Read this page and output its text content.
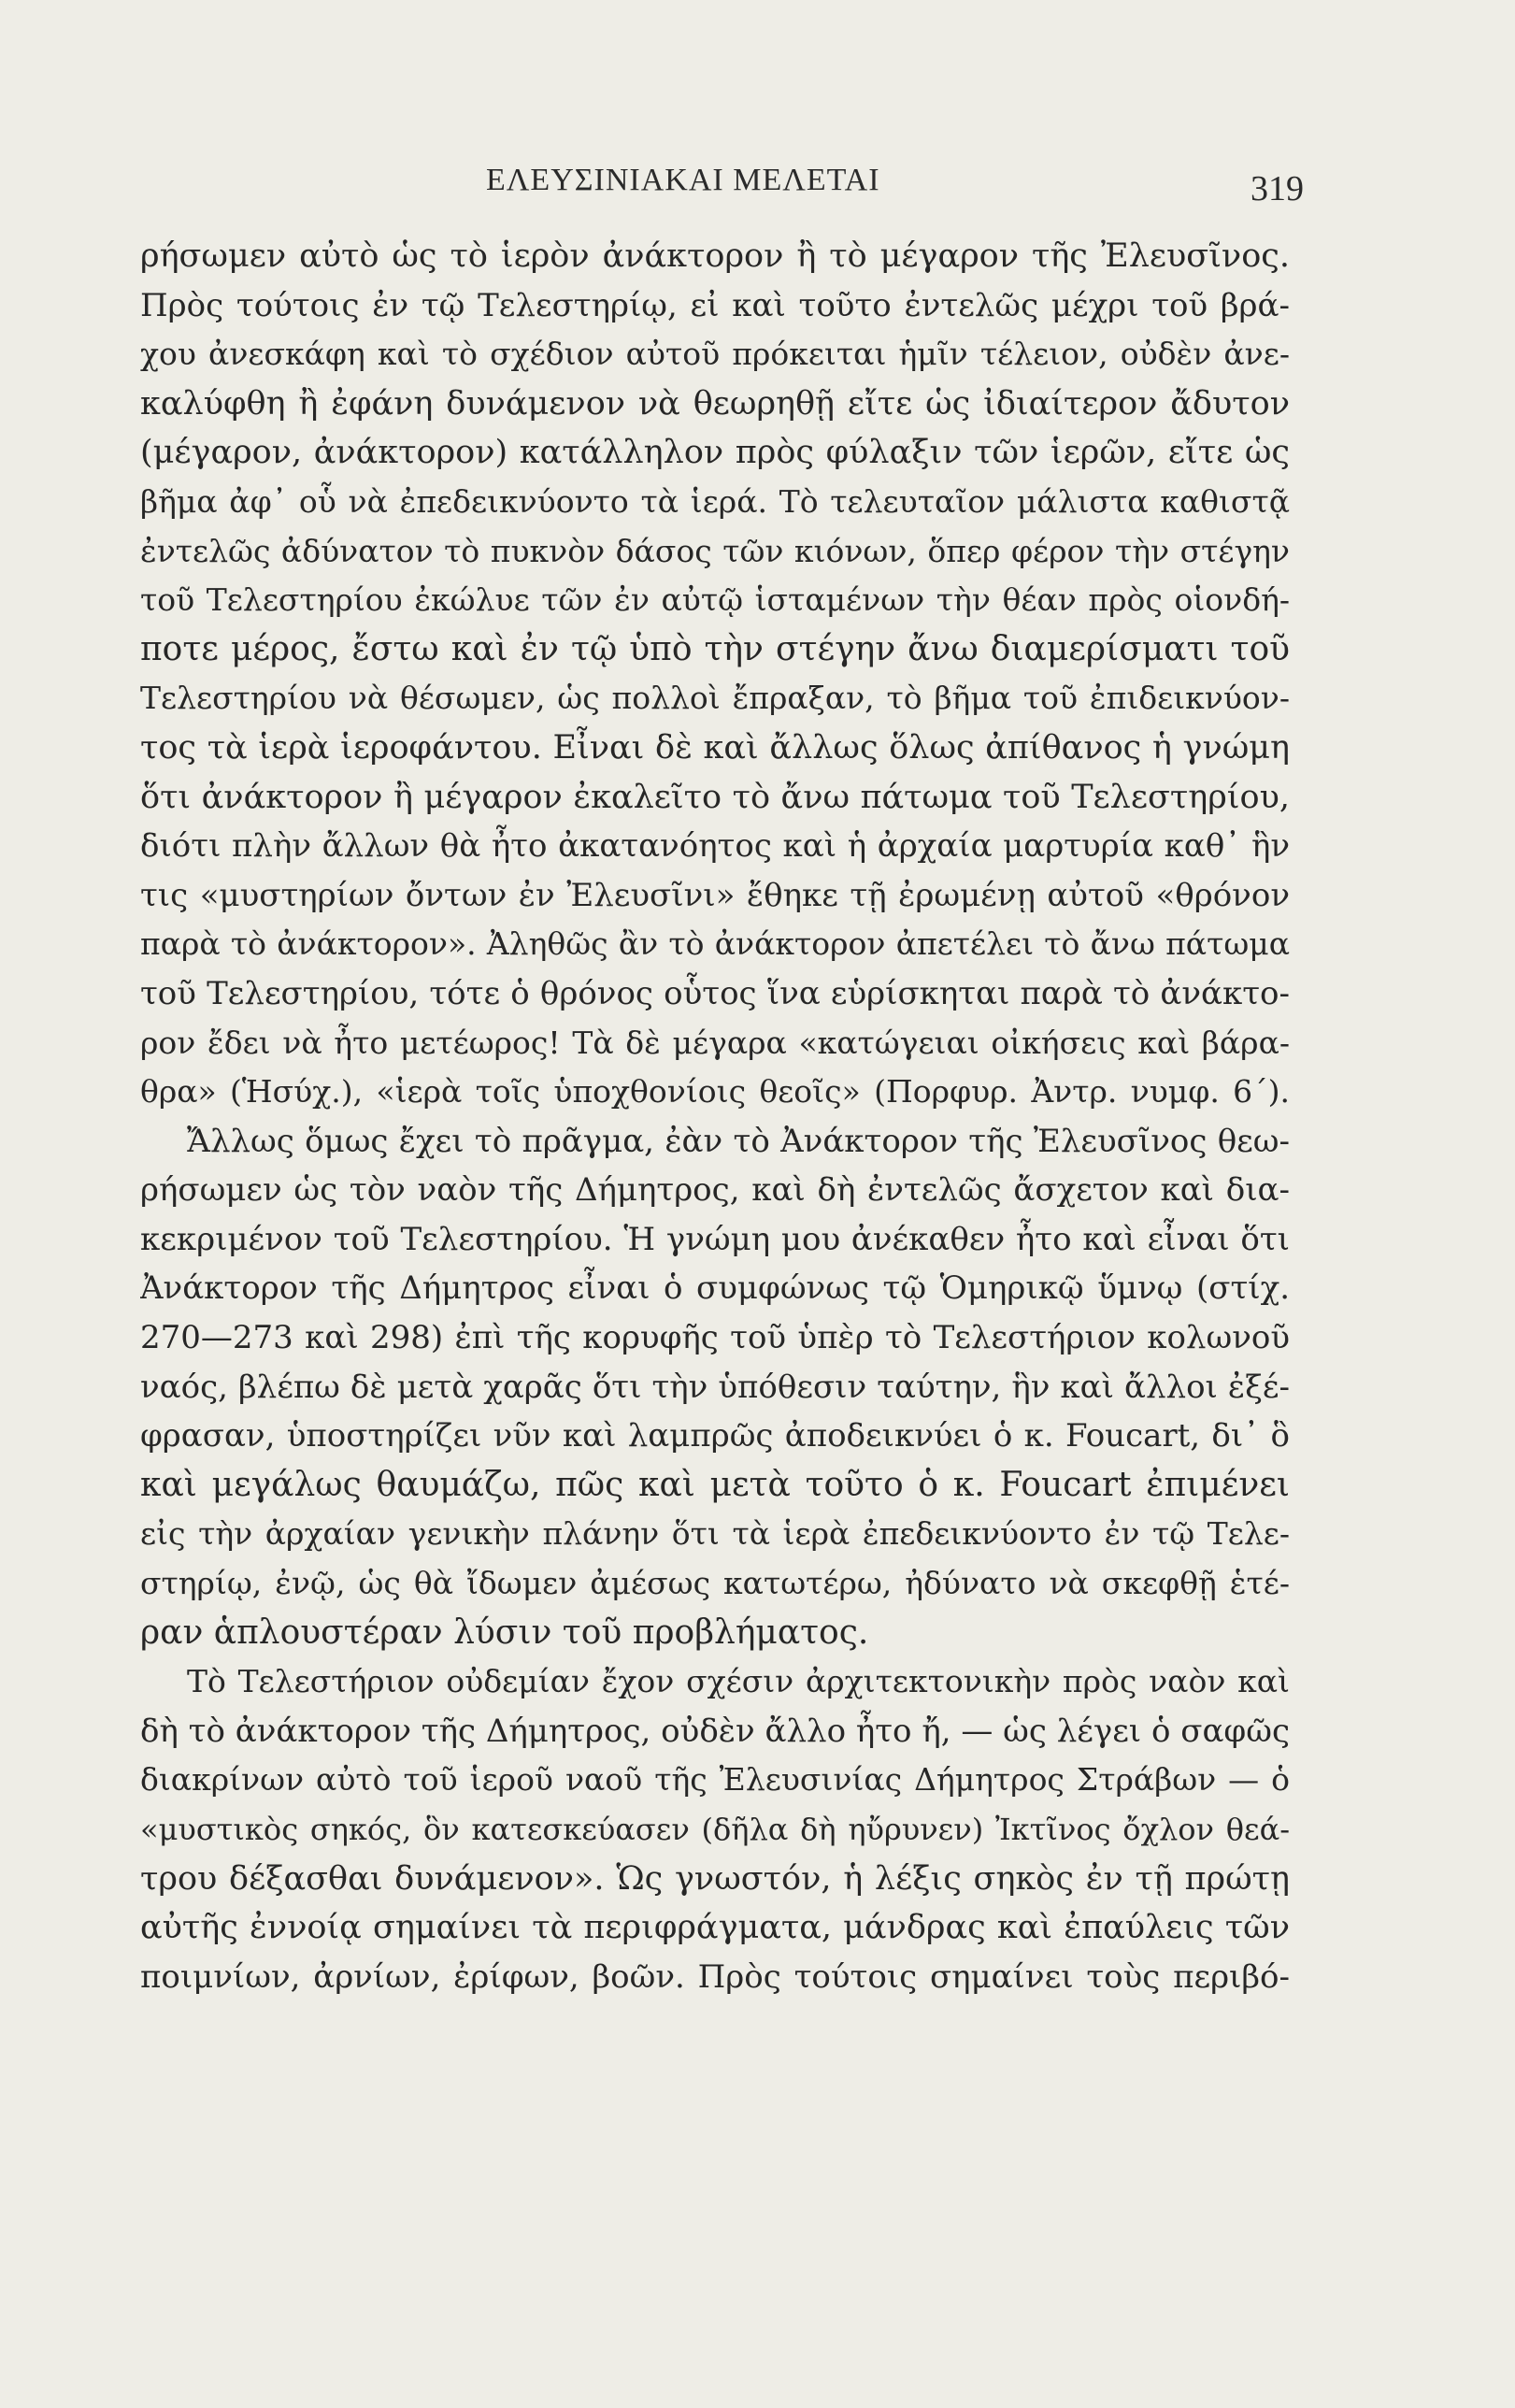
ΕΛΕΥΣΙΝΙΑΚΑΙ ΜΕΛΕΤΑΙ	319
ρήσωμεν αὐτὸ ὡς τὸ ἱερὸν ἀνάκτορον ἢ τὸ μέγαρον τῆς Ἐλευσῖνος.
Πρὸς τούτοις ἐν τῷ Τελεστηρίῳ, εἰ καὶ τοῦτο ἐντελῶς μέχρι τοῦ βρά-
χου ἀνεσκάφη καὶ τὸ σχέδιον αὐτοῦ πρόκειται ἡμῖν τέλειον, οὐδὲν ἀνε-
καλύφθη ἢ ἐφάνη δυνάμενον νὰ θεωρηθῇ εἴτε ὡς ἰδιαίτερον ἄδυτον
(μέγαρον, ἀνάκτορον) κατάλληλον πρὸς φύλαξιν τῶν ἱερῶν, εἴτε ὡς
βῆμα ἀφ᾿ οὗ νὰ ἐπεδεικνύοντο τὰ ἱερά. Τὸ τελευταῖον μάλιστα καθιστᾷ
ἐντελῶς ἀδύνατον τὸ πυκνὸν δάσος τῶν κιόνων, ὅπερ φέρον τὴν στέγην
τοῦ Τελεστηρίου ἐκώλυε τῶν ἐν αὐτῷ ἱσταμένων τὴν θέαν πρὸς οἱονδή-
ποτε μέρος, ἔστω καὶ ἐν τῷ ὑπὸ τὴν στέγην ἄνω διαμερίσματι τοῦ
Τελεστηρίου νὰ θέσωμεν, ὡς πολλοὶ ἔπραξαν, τὸ βῆμα τοῦ ἐπιδεικνύον-
τος τὰ ἱερὰ ἱεροφάντου. Εἶναι δὲ καὶ ἄλλως ὅλως ἀπίθανος ἡ γνώμη
ὅτι ἀνάκτορον ἢ μέγαρον ἐκαλεῖτο τὸ ἄνω πάτωμα τοῦ Τελεστηρίου,
διότι πλὴν ἄλλων θὰ ἦτο ἀκατανόητος καὶ ἡ ἀρχαία μαρτυρία καθ᾿ ἣν
τις «μυστηρίων ὄντων ἐν Ἐλευσῖνι» ἔθηκε τῇ ἐρωμένῃ αὐτοῦ «θρόνον
παρὰ τὸ ἀνάκτορον». Ἀληθῶς ἂν τὸ ἀνάκτορον ἀπετέλει τὸ ἄνω πάτωμα
τοῦ Τελεστηρίου, τότε ὁ θρόνος οὗτος ἵνα εὑρίσκηται παρὰ τὸ ἀνάκτο-
ρον ἔδει νὰ ἦτο μετέωρος! Τὰ δὲ μέγαρα «κατώγειαι οἰκήσεις καὶ βάρα-
θρα» (Ἡσύχ.), «ἱερὰ τοῖς ὑποχθονίοις θεοῖς» (Πορφυρ. Ἀντρ. νυμφ. 6΄).
Ἄλλως ὅμως ἔχει τὸ πρᾶγμα, ἐὰν τὸ Ἀνάκτορον τῆς Ἐλευσῖνος θεω-
ρήσωμεν ὡς τὸν ναὸν τῆς Δήμητρος, καὶ δὴ ἐντελῶς ἄσχετον καὶ δια-
κεκριμένον τοῦ Τελεστηρίου. Ἡ γνώμη μου ἀνέκαθεν ἦτο καὶ εἶναι ὅτι
Ἀνάκτορον τῆς Δήμητρος εἶναι ὁ συμφώνως τῷ Ὁμηρικῷ ὕμνῳ (στίχ.
270—273 καὶ 298) ἐπὶ τῆς κορυφῆς τοῦ ὑπὲρ τὸ Τελεστήριον κολωνοῦ
ναός, βλέπω δὲ μετὰ χαρᾶς ὅτι τὴν ὑπόθεσιν ταύτην, ἣν καὶ ἄλλοι ἐξέ-
φρασαν, ὑποστηρίζει νῦν καὶ λαμπρῶς ἀποδεικνύει ὁ κ. Foucart, δι᾿ ὃ
καὶ μεγάλως θαυμάζω, πῶς καὶ μετὰ τοῦτο ὁ κ. Foucart ἐπιμένει
εἰς τὴν ἀρχαίαν γενικὴν πλάνην ὅτι τὰ ἱερὰ ἐπεδεικνύοντο ἐν τῷ Τελε-
στηρίῳ, ἐνῷ, ὡς θὰ ἴδωμεν ἀμέσως κατωτέρω, ἠδύνατο νὰ σκεφθῇ ἑτέ-
ραν ἁπλουστέραν λύσιν τοῦ προβλήματος.
Τὸ Τελεστήριον οὐδεμίαν ἔχον σχέσιν ἀρχιτεκτονικὴν πρὸς ναὸν καὶ
δὴ τὸ ἀνάκτορον τῆς Δήμητρος, οὐδὲν ἄλλο ἦτο ἤ, — ὡς λέγει ὁ σαφῶς
διακρίνων αὐτὸ τοῦ ἱεροῦ ναοῦ τῆς Ἐλευσινίας Δήμητρος Στράβων — ὁ
«μυστικὸς σηκός, ὃν κατεσκεύασεν (δῆλα δὴ ηὔρυνεν) Ἰκτῖνος ὄχλον θεά-
τρου δέξασθαι δυνάμενον». Ὡς γνωστόν, ἡ λέξις σηκὸς ἐν τῇ πρώτῃ
αὐτῆς ἐννοίᾳ σημαίνει τὰ περιφράγματα, μάνδρας καὶ ἐπαύλεις τῶν
ποιμνίων, ἀρνίων, ἐρίφων, βοῶν. Πρὸς τούτοις σημαίνει τοὺς περιβό-
